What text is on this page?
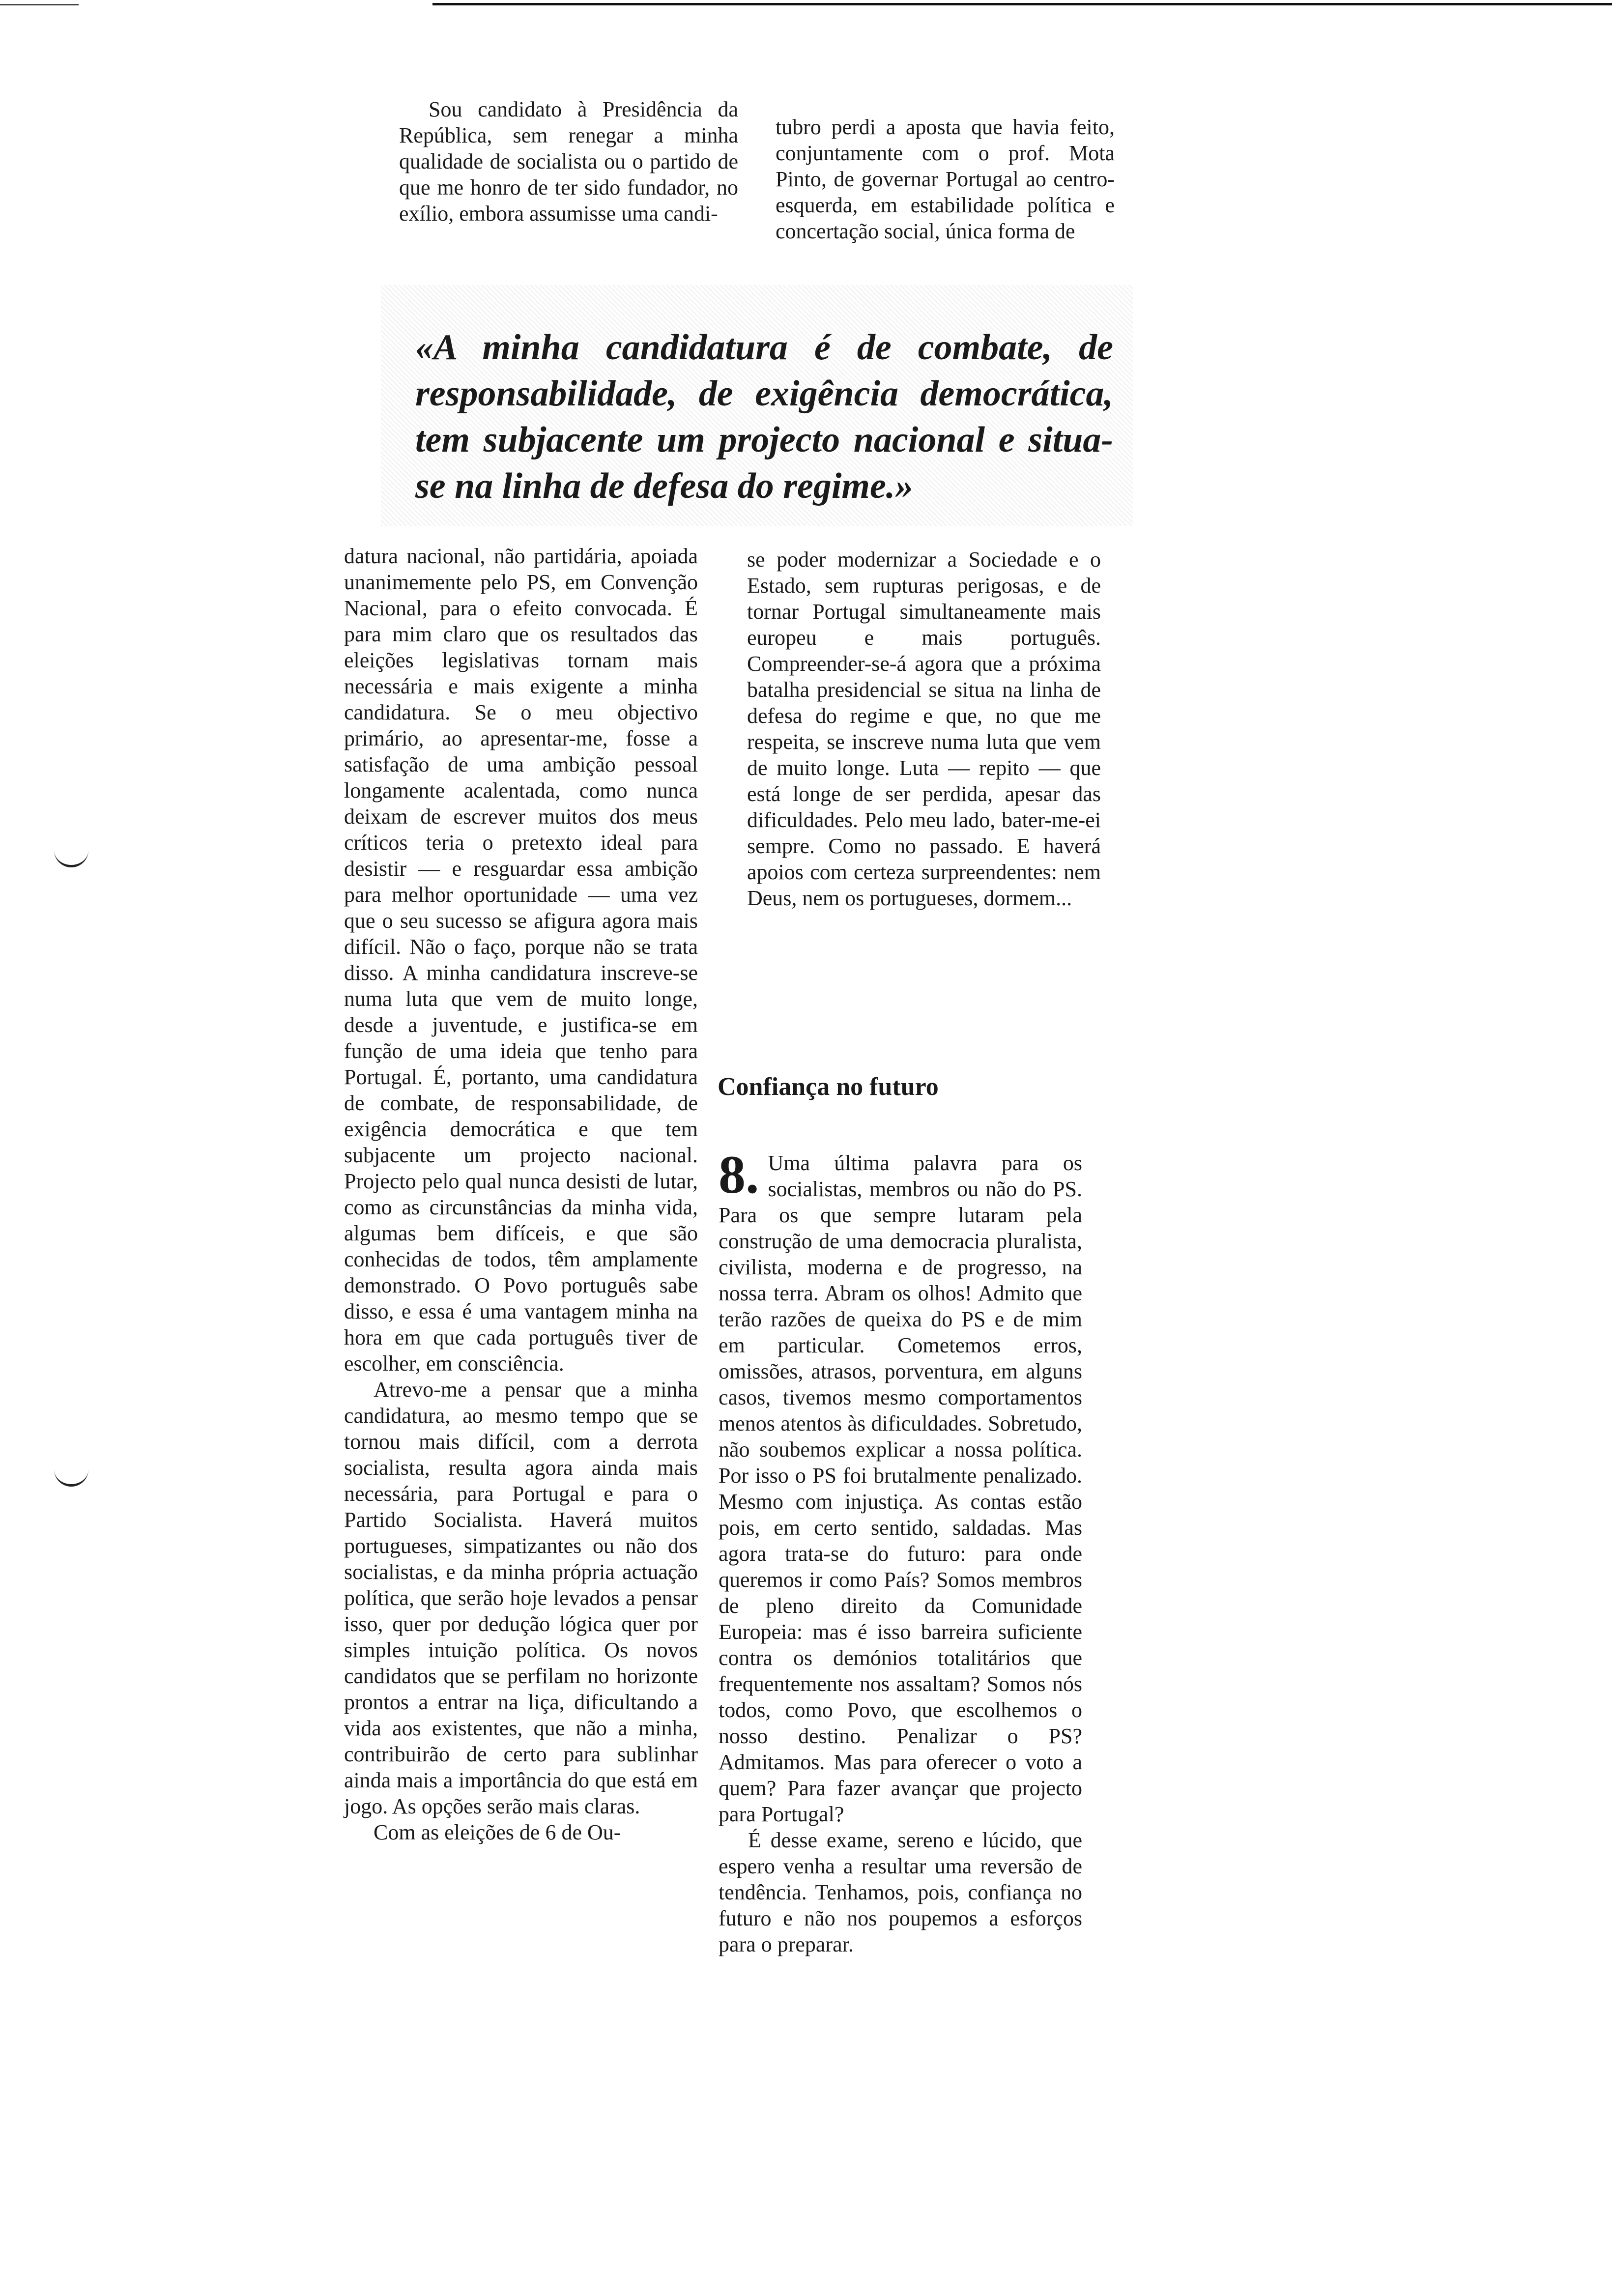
Sou candidato à Presidência da República, sem renegar a minha qualidade de socialista ou o partido de que me honro de ter sido fundador, no exílio, embora assumisse uma candi-

tubro perdi a aposta que havia feito, conjuntamente com o prof. Mota Pinto, de governar Portugal ao centro-esquerda, em estabilidade política e concertação social, única forma de

«A minha candidatura é de combate, de responsabilidade, de exigência democrática, tem subjacente um projecto nacional e situa-se na linha de defesa do regime.»

datura nacional, não partidária, apoiada unanimemente pelo PS, em Convenção Nacional, para o efeito convocada. É para mim claro que os resultados das eleições legislativas tornam mais necessária e mais exigente a minha candidatura. Se o meu objectivo primário, ao apresentar-me, fosse a satisfação de uma ambição pessoal longamente acalentada, como nunca deixam de escrever muitos dos meus críticos teria o pretexto ideal para desistir — e resguardar essa ambição para melhor oportunidade — uma vez que o seu sucesso se afigura agora mais difícil. Não o faço, porque não se trata disso. A minha candidatura inscreve-se numa luta que vem de muito longe, desde a juventude, e justifica-se em função de uma ideia que tenho para Portugal. É, portanto, uma candidatura de combate, de responsabilidade, de exigência democrática e que tem subjacente um projecto nacional. Projecto pelo qual nunca desisti de lutar, como as circunstâncias da minha vida, algumas bem difíceis, e que são conhecidas de todos, têm amplamente demonstrado. O Povo português sabe disso, e essa é uma vantagem minha na hora em que cada português tiver de escolher, em consciência.

Atrevo-me a pensar que a minha candidatura, ao mesmo tempo que se tornou mais difícil, com a derrota socialista, resulta agora ainda mais necessária, para Portugal e para o Partido Socialista. Haverá muitos portugueses, simpatizantes ou não dos socialistas, e da minha própria actuação política, que serão hoje levados a pensar isso, quer por dedução lógica quer por simples intuição política. Os novos candidatos que se perfilam no horizonte prontos a entrar na liça, dificultando a vida aos existentes, que não a minha, contribuirão de certo para sublinhar ainda mais a importância do que está em jogo. As opções serão mais claras.

Com as eleições de 6 de Ou-

se poder modernizar a Sociedade e o Estado, sem rupturas perigosas, e de tornar Portugal simultaneamente mais europeu e mais português. Compreender-se-á agora que a próxima batalha presidencial se situa na linha de defesa do regime e que, no que me respeita, se inscreve numa luta que vem de muito longe. Luta — repito — que está longe de ser perdida, apesar das dificuldades. Pelo meu lado, bater-me-ei sempre. Como no passado. E haverá apoios com certeza surpreendentes: nem Deus, nem os portugueses, dormem...

Confiança no futuro

8. Uma última palavra para os socialistas, membros ou não do PS. Para os que sempre lutaram pela construção de uma democracia pluralista, civilista, moderna e de progresso, na nossa terra. Abram os olhos! Admito que terão razões de queixa do PS e de mim em particular. Cometemos erros, omissões, atrasos, porventura, em alguns casos, tivemos mesmo comportamentos menos atentos às dificuldades. Sobretudo, não soubemos explicar a nossa política. Por isso o PS foi brutalmente penalizado. Mesmo com injustiça. As contas estão pois, em certo sentido, saldadas. Mas agora trata-se do futuro: para onde queremos ir como País? Somos membros de pleno direito da Comunidade Europeia: mas é isso barreira suficiente contra os demónios totalitários que frequentemente nos assaltam? Somos nós todos, como Povo, que escolhemos o nosso destino. Penalizar o PS? Admitamos. Mas para oferecer o voto a quem? Para fazer avançar que projecto para Portugal?

É desse exame, sereno e lúcido, que espero venha a resultar uma reversão de tendência. Tenhamos, pois, confiança no futuro e não nos poupemos a esforços para o preparar.
